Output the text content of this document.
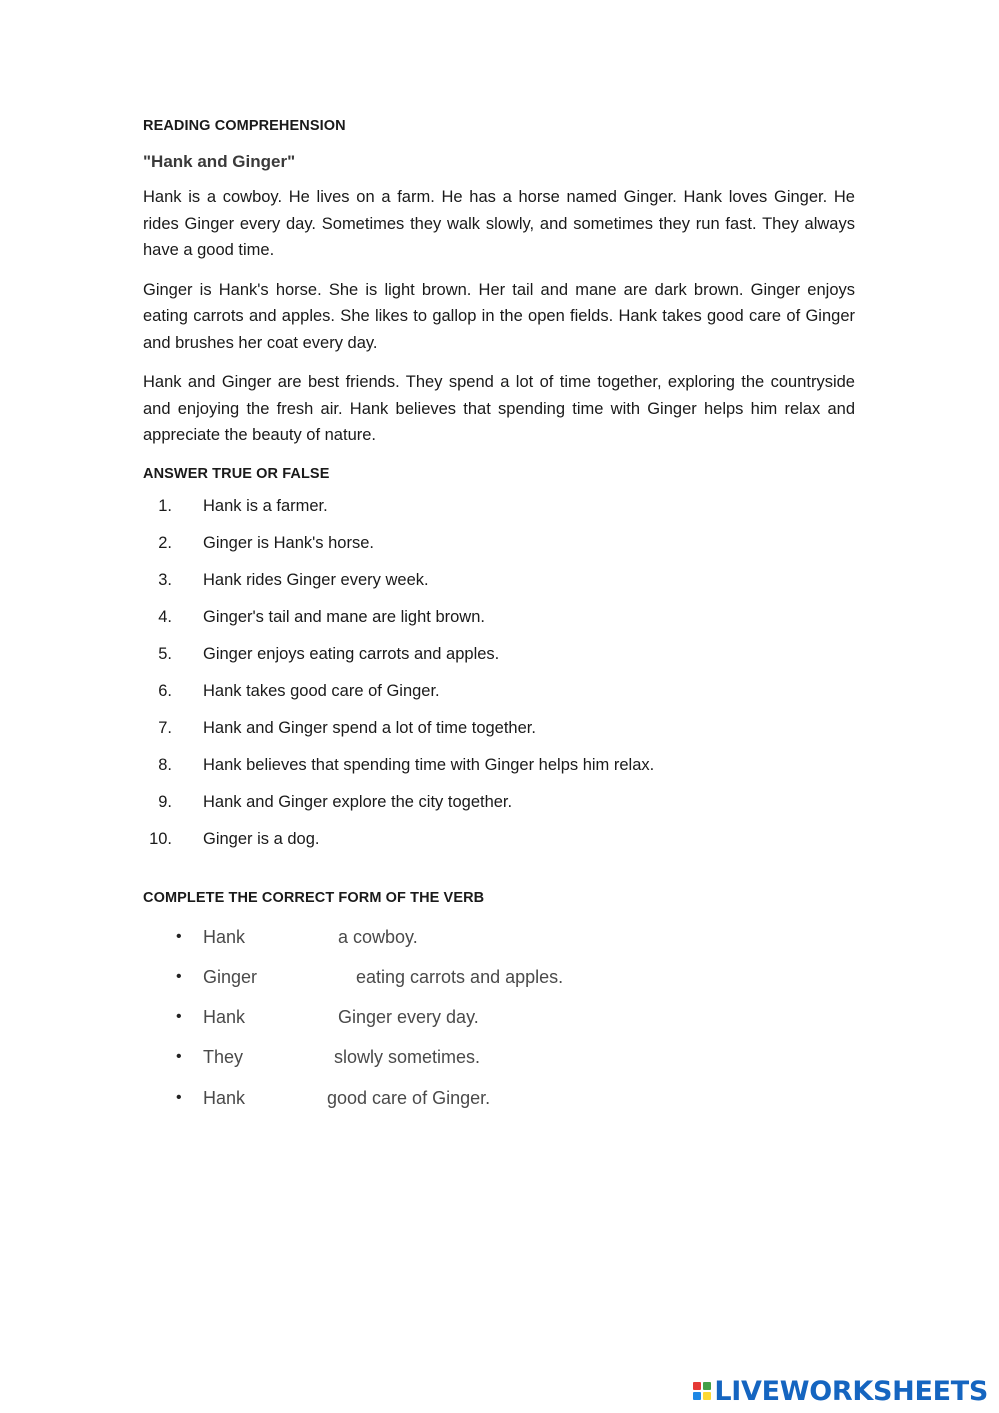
READING COMPREHENSION

"Hank and Ginger"

Hank is a cowboy. He lives on a farm. He has a horse named Ginger. Hank loves Ginger. He rides Ginger every day. Sometimes they walk slowly, and sometimes they run fast. They always have a good time.

Ginger is Hank's horse. She is light brown. Her tail and mane are dark brown. Ginger enjoys eating carrots and apples. She likes to gallop in the open fields. Hank takes good care of Ginger and brushes her coat every day.

Hank and Ginger are best friends. They spend a lot of time together, exploring the countryside and enjoying the fresh air. Hank believes that spending time with Ginger helps him relax and appreciate the beauty of nature.

ANSWER TRUE OR FALSE

1. Hank is a farmer.
2. Ginger is Hank's horse.
3. Hank rides Ginger every week.
4. Ginger's tail and mane are light brown.
5. Ginger enjoys eating carrots and apples.
6. Hank takes good care of Ginger.
7. Hank and Ginger spend a lot of time together.
8. Hank believes that spending time with Ginger helps him relax.
9. Hank and Ginger explore the city together.
10. Ginger is a dog.

COMPLETE THE CORRECT FORM OF THE VERB

• Hank	a cowboy.
• Ginger	eating carrots and apples.
• Hank	Ginger every day.
• They	slowly sometimes.
• Hank	good care of Ginger.
LIVEWORKSHEETS
